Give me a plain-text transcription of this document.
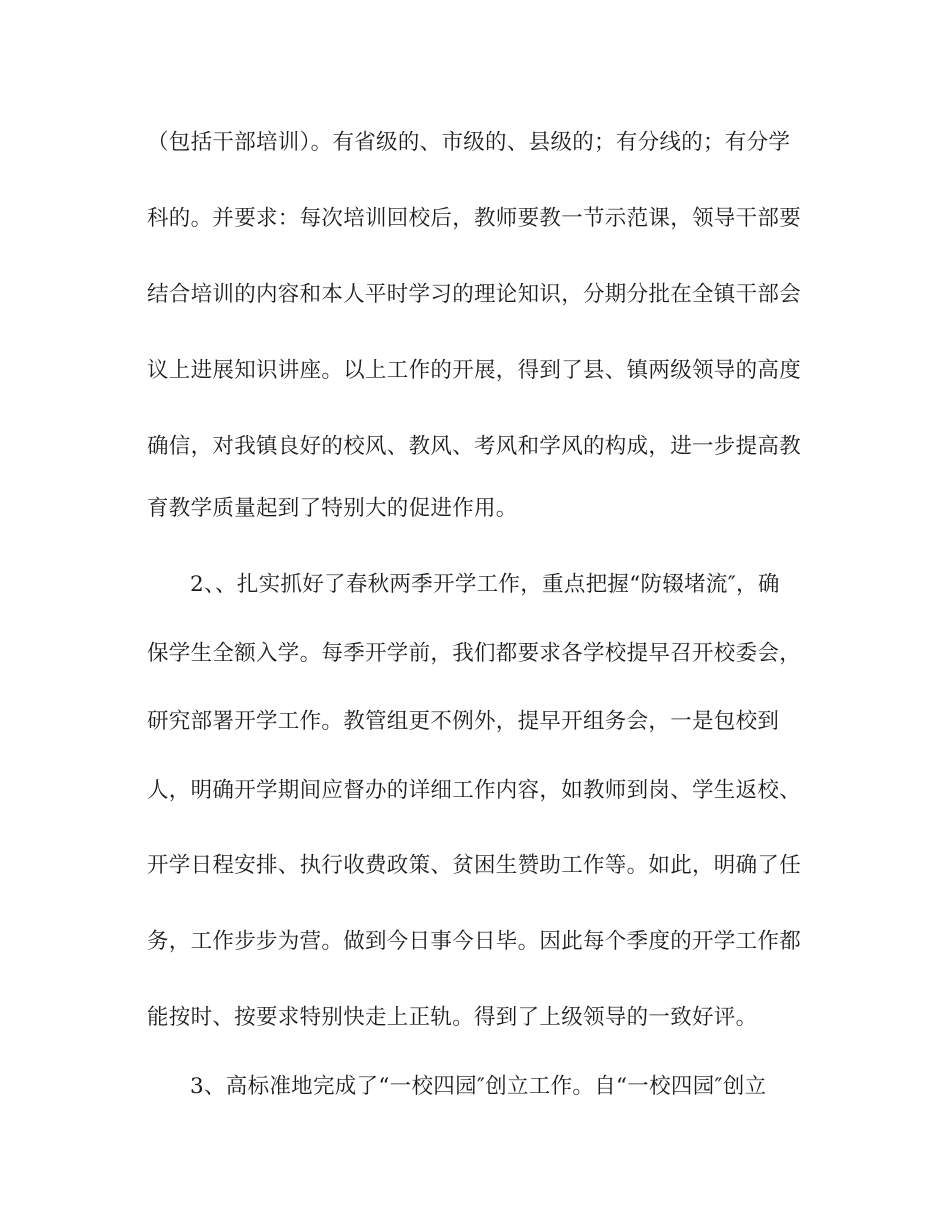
（包括干部培训）。有省级的、市级的、县级的；有分线的；有分学
科的。并要求：每次培训回校后，教师要教一节示范课，领导干部要
结合培训的内容和本人平时学习的理论知识，分期分批在全镇干部会
议上进展知识讲座。以上工作的开展，得到了县、镇两级领导的高度
确信，对我镇良好的校风、教风、考风和学风的构成，进一步提高教
育教学质量起到了特别大的促进作用。
2、、扎实抓好了春秋两季开学工作，重点把握“防辍堵流″，确
保学生全额入学。每季开学前，我们都要求各学校提早召开校委会，
研究部署开学工作。教管组更不例外，提早开组务会，一是包校到
人，明确开学期间应督办的详细工作内容，如教师到岗、学生返校、
开学日程安排、执行收费政策、贫困生赞助工作等。如此，明确了任
务，工作步步为营。做到今日事今日毕。因此每个季度的开学工作都
能按时、按要求特别快走上正轨。得到了上级领导的一致好评。
3、高标准地完成了“一校四园″创立工作。自“一校四园″创立
